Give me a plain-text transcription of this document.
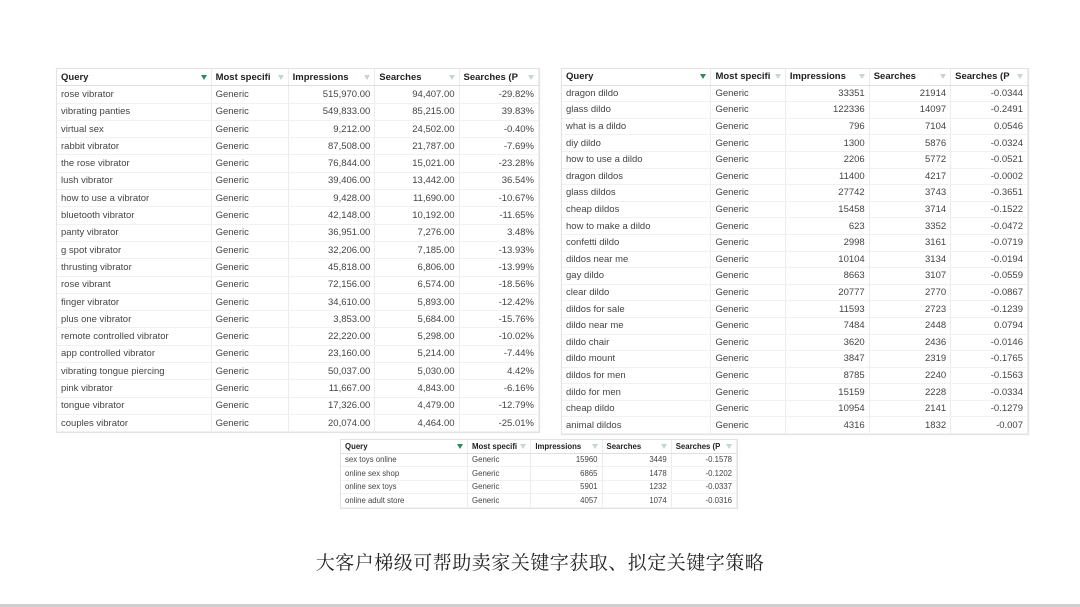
Query	Most specifi	Impressions	Searches	Searches (P

rose vibrator	Generic	515,970.00	94,407.00	-29.82%
vibrating panties	Generic	549,833.00	85,215.00	39.83%
virtual sex	Generic	9,212.00	24,502.00	-0.40%
rabbit vibrator	Generic	87,508.00	21,787.00	-7.69%
the rose vibrator	Generic	76,844.00	15,021.00	-23.28%
lush vibrator	Generic	39,406.00	13,442.00	36.54%
how to use a vibrator	Generic	9,428.00	11,690.00	-10.67%
bluetooth vibrator	Generic	42,148.00	10,192.00	-11.65%
panty vibrator	Generic	36,951.00	7,276.00	3.48%
g spot vibrator	Generic	32,206.00	7,185.00	-13.93%
thrusting vibrator	Generic	45,818.00	6,806.00	-13.99%
rose vibrant	Generic	72,156.00	6,574.00	-18.56%
finger vibrator	Generic	34,610.00	5,893.00	-12.42%
plus one vibrator	Generic	3,853.00	5,684.00	-15.76%
remote controlled vibrator	Generic	22,220.00	5,298.00	-10.02%
app controlled vibrator	Generic	23,160.00	5,214.00	-7.44%
vibrating tongue piercing	Generic	50,037.00	5,030.00	4.42%
pink vibrator	Generic	11,667.00	4,843.00	-6.16%
tongue vibrator	Generic	17,326.00	4,479.00	-12.79%
couples vibrator	Generic	20,074.00	4,464.00	-25.01%
Query	Most specifi	Impressions	Searches	Searches (P

dragon dildo	Generic	33351	21914	-0.0344
glass dildo	Generic	122336	14097	-0.2491
what is a dildo	Generic	796	7104	0.0546
diy dildo	Generic	1300	5876	-0.0324
how to use a dildo	Generic	2206	5772	-0.0521
dragon dildos	Generic	11400	4217	-0.0002
glass dildos	Generic	27742	3743	-0.3651
cheap dildos	Generic	15458	3714	-0.1522
how to make a dildo	Generic	623	3352	-0.0472
confetti dildo	Generic	2998	3161	-0.0719
dildos near me	Generic	10104	3134	-0.0194
gay dildo	Generic	8663	3107	-0.0559
clear dildo	Generic	20777	2770	-0.0867
dildos for sale	Generic	11593	2723	-0.1239
dildo near me	Generic	7484	2448	0.0794
dildo chair	Generic	3620	2436	-0.0146
dildo mount	Generic	3847	2319	-0.1765
dildos for men	Generic	8785	2240	-0.1563
dildo for men	Generic	15159	2228	-0.0334
cheap dildo	Generic	10954	2141	-0.1279
animal dildos	Generic	4316	1832	-0.007
Query	Most specifi	Impressions	Searches	Searches (P

sex toys online	Generic	15960	3449	-0.1578
online sex shop	Generic	6865	1478	-0.1202
online sex toys	Generic	5901	1232	-0.0337
online adult store	Generic	4057	1074	-0.0316
大客户梯级可帮助卖家关键字获取、拟定关键字策略
